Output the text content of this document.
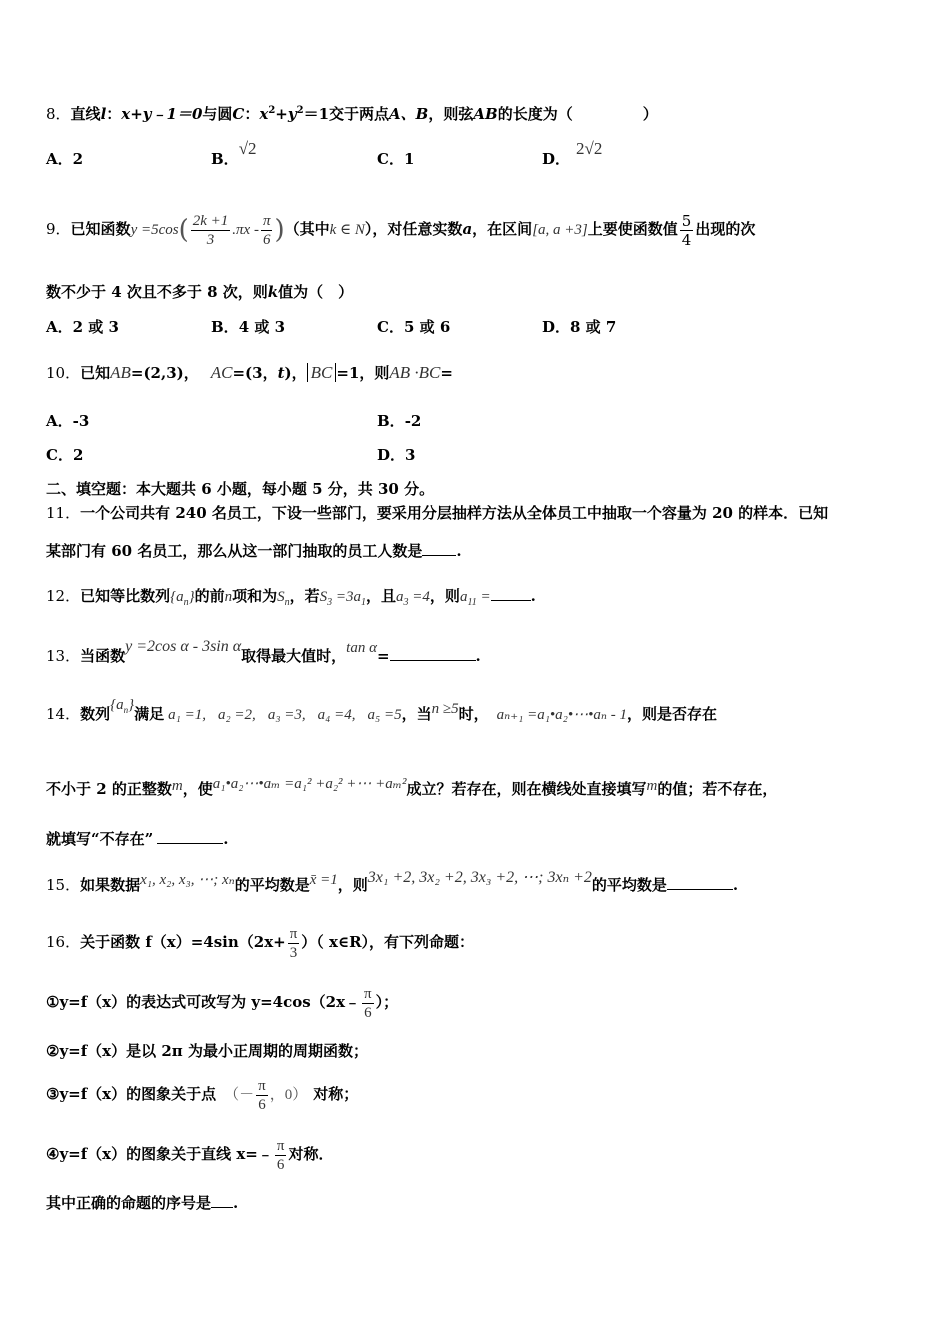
8．直线l：x+y﹣1＝0与圆C：$x^2+y^2=1$交于两点A、B，则弦AB的长度为（	）
A．2	B．√2
C．1	D．2√2
9．已知函数$y =5\cos( \frac{2k +1}{3} .\pi x - \frac{\pi}{6}$ )（其中k ∈ N），对任意实数a，在区间[a, a +3]上要使函数值 $\frac{5}{4}$ 出现的次
数不少于 4 次且不多于 8 次，则k值为（　）
A．2 或 3	B．4 或 3	C．5 或 6	D．8 或 7
10．已知AB=(2,3)， AC=(3，t)， BC =1，则AB ·BC=
A．-3	B．-2
C．2	D．3
二、填空题：本大题共 6 小题，每小题 5 分，共 30 分。
11．一个公司共有 240 名员工，下设一些部门，要采用分层抽样方法从全体员工中抽取一个容量为 20 的样本．已知
某部门有 60 名员工，那么从这一部门抽取的员工人数是 .
12．已知等比数列$\{a_n\}$的前n项和为$S_n$，若$S_3 =3a_1$，且$a_3 =4$，则$a_{11}$ =	.
13．当函数y =2cos α - 3sin α取得最大值时，tan α=	.
14．数列$\{a_n\}$满足 a₁ =1, a₂ =2, a₃ =3, a₄ =4, a₅ =5，当n ≥5时， aₙ₊₁ =a₁•a₂•⋯•aₙ - 1，则是否存在
不小于 2 的正整数m，使a₁•a₂⋯•aₘ =a₁² +a₂² +⋯ +aₘ²成立？若存在，则在横线处直接填写m的值；若不存在，
就填写“不存在”	.
15．如果数据x₁, x₂, x₃, ⋯; xₙ的平均数是x̄ =1，则3x₁ +2, 3x₂ +2, 3x₃ +2, ⋯; 3xₙ +2的平均数是	.
16．关于函数 $f(x)=4\sin(2x+ \frac{\pi}{3}$ ）（ x∈R），有下列命题：
①y=f（x）的表达式可改写为 y=4cos（2x﹣ $\frac{\pi}{6}$ ）；
②y=f（x）是以 2π 为最小正周期的周期函数；
③y=f（x）的图象关于点 （－ $\frac{\pi}{6}$ ，0） 对称；
④y=f（x）的图象关于直线 x=﹣ $\frac{\pi}{6}$ 对称．
其中正确的命题的序号是 .
